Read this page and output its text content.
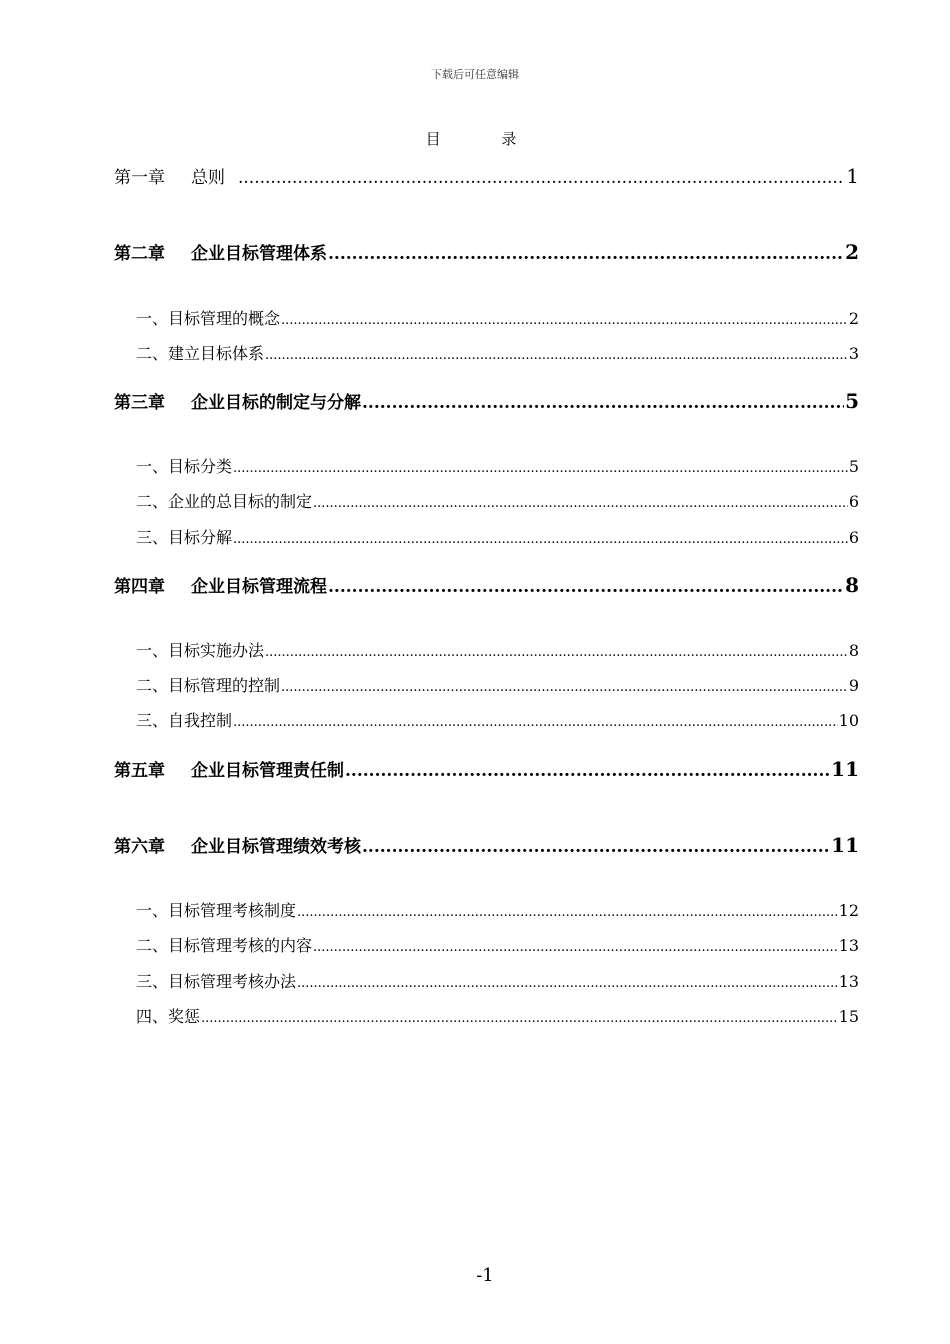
下载后可任意编辑
目 录
第一章 总则 .....	1
第二章 企业目标管理体系 .....	2
一、目标管理的概念 .....	2
二、建立目标体系 .....	3
第三章 企业目标的制定与分解 .....	5
一、目标分类 .....	5
二、企业的总目标的制定 .....	6
三、目标分解 .....	6
第四章 企业目标管理流程 .....	8
一、目标实施办法 .....	8
二、目标管理的控制 .....	9
三、自我控制 .....	10
第五章 企业目标管理责任制 .....	11
第六章 企业目标管理绩效考核 .....	11
一、目标管理考核制度 .....	12
二、目标管理考核的内容 .....	13
三、目标管理考核办法 .....	13
四、奖惩 .....	15
-1
